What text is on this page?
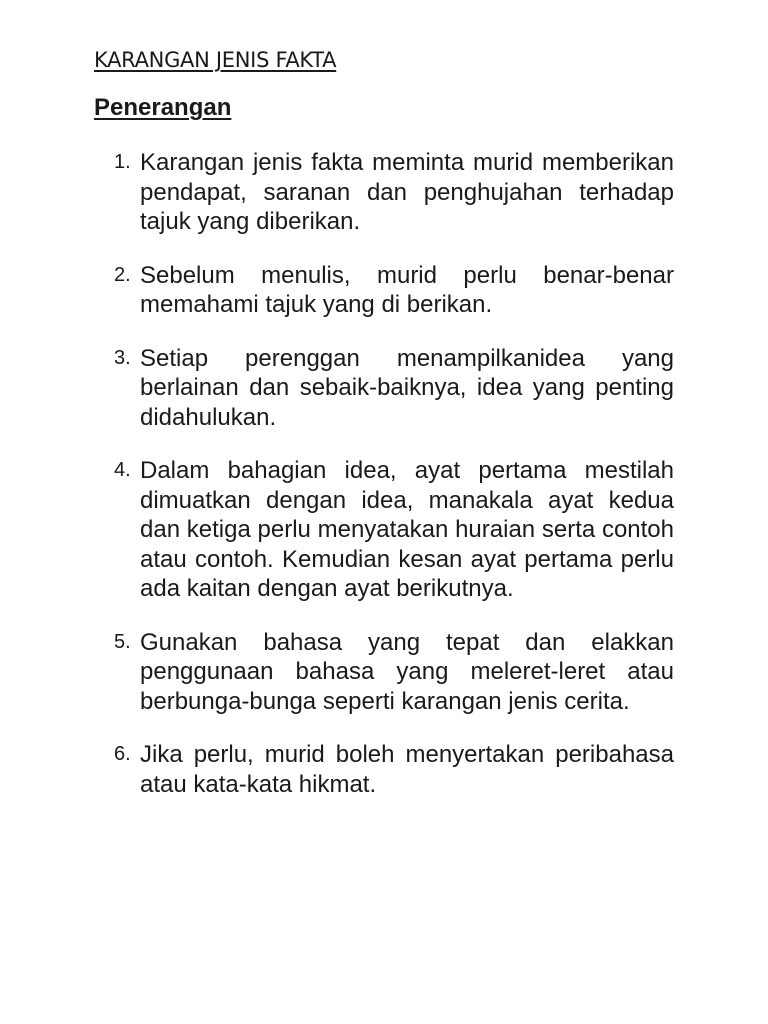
KARANGAN JENIS FAKTA
Penerangan
1. Karangan jenis fakta meminta murid memberikan pendapat, saranan dan penghujahan terhadap tajuk yang diberikan.
2. Sebelum menulis, murid perlu benar-benar memahami tajuk yang di berikan.
3. Setiap perenggan menampilkanidea yang berlainan dan sebaik-baiknya, idea yang penting didahulukan.
4. Dalam bahagian idea, ayat pertama mestilah dimuatkan dengan idea, manakala ayat kedua dan ketiga perlu menyatakan huraian serta contoh atau contoh. Kemudian kesan ayat pertama perlu ada kaitan dengan ayat berikutnya.
5. Gunakan bahasa yang tepat dan elakkan penggunaan bahasa yang meleret-leret atau berbunga-bunga seperti karangan jenis cerita.
6. Jika perlu, murid boleh menyertakan peribahasa atau kata-kata hikmat.
